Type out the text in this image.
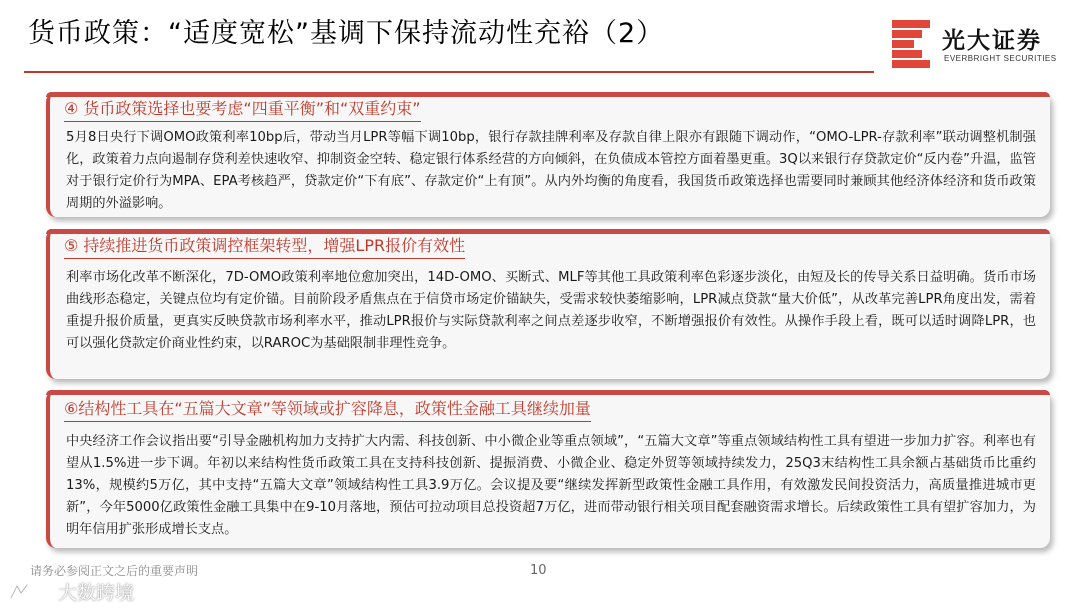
货币政策：“适度宽松”基调下保持流动性充裕（2）	光大证券
EVERBRIGHT SECURITIES
④ 货币政策选择也要考虑“四重平衡”和“双重约束”
5月8日央行下调OMO政策利率10bp后，带动当月LPR等幅下调10bp，银行存款挂牌利率及存款自律上限亦有跟随下调动作，“OMO-LPR-存款利率”联动调整机制强化，政策着力点向遏制存贷利差快速收窄、抑制资金空转、稳定银行体系经营的方向倾斜，在负债成本管控方面着墨更重。3Q以来银行存贷款定价“反内卷”升温，监管对于银行定价行为MPA、EPA考核趋严，贷款定价“下有底”、存款定价“上有顶”。从内外均衡的角度看，我国货币政策选择也需要同时兼顾其他经济体经济和货币政策周期的外溢影响。
⑤ 持续推进货币政策调控框架转型，增强LPR报价有效性
利率市场化改革不断深化，7D-OMO政策利率地位愈加突出，14D-OMO、买断式、MLF等其他工具政策利率色彩逐步淡化，由短及长的传导关系日益明确。货币市场曲线形态稳定，关键点位均有定价锚。目前阶段矛盾焦点在于信贷市场定价锚缺失，受需求较快萎缩影响，LPR减点贷款“量大价低”，从改革完善LPR角度出发，需着重提升报价质量，更真实反映贷款市场利率水平，推动LPR报价与实际贷款利率之间点差逐步收窄，不断增强报价有效性。从操作手段上看，既可以适时调降LPR，也可以强化贷款定价商业性约束，以RAROC为基础限制非理性竞争。
⑥结构性工具在“五篇大文章”等领域或扩容降息，政策性金融工具继续加量
中央经济工作会议指出要“引导金融机构加力支持扩大内需、科技创新、中小微企业等重点领域”，“五篇大文章”等重点领域结构性工具有望进一步加力扩容。利率也有望从1.5%进一步下调。年初以来结构性货币政策工具在支持科技创新、提振消费、小微企业、稳定外贸等领域持续发力，25Q3末结构性工具余额占基础货币比重约13%，规模约5万亿，其中支持“五篇大文章”领域结构性工具3.9万亿。会议提及要“继续发挥新型政策性金融工具作用，有效激发民间投资活力，高质量推进城市更新”，今年5000亿政策性金融工具集中在9-10月落地，预估可拉动项目总投资超7万亿，进而带动银行相关项目配套融资需求增长。后续政策性工具有望扩容加力，为明年信用扩张形成增长支点。
请务必参阅正文之后的重要声明	10
大数跨境
